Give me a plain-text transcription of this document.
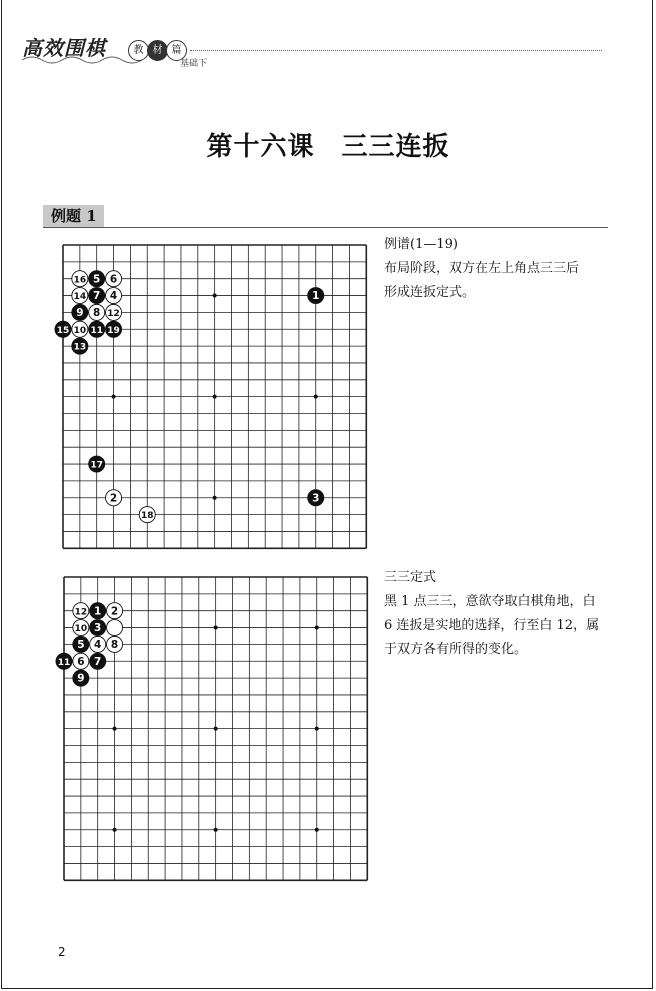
高效围棋	教 材 篇
基础下
第十六课　三三连扳
例题 1
16 5 6
14 7 4
9 8 12
15 10 11 19
13
1
17
2	3
18
例谱(1—19)
布局阶段，双方在左上角点三三后
形成连扳定式。
12 1 2
10 3
5 4 8
11 6 7
9
三三定式
黑 1 点三三，意欲夺取白棋角地，白
6 连扳是实地的选择，行至白 12，属
于双方各有所得的变化。
2
